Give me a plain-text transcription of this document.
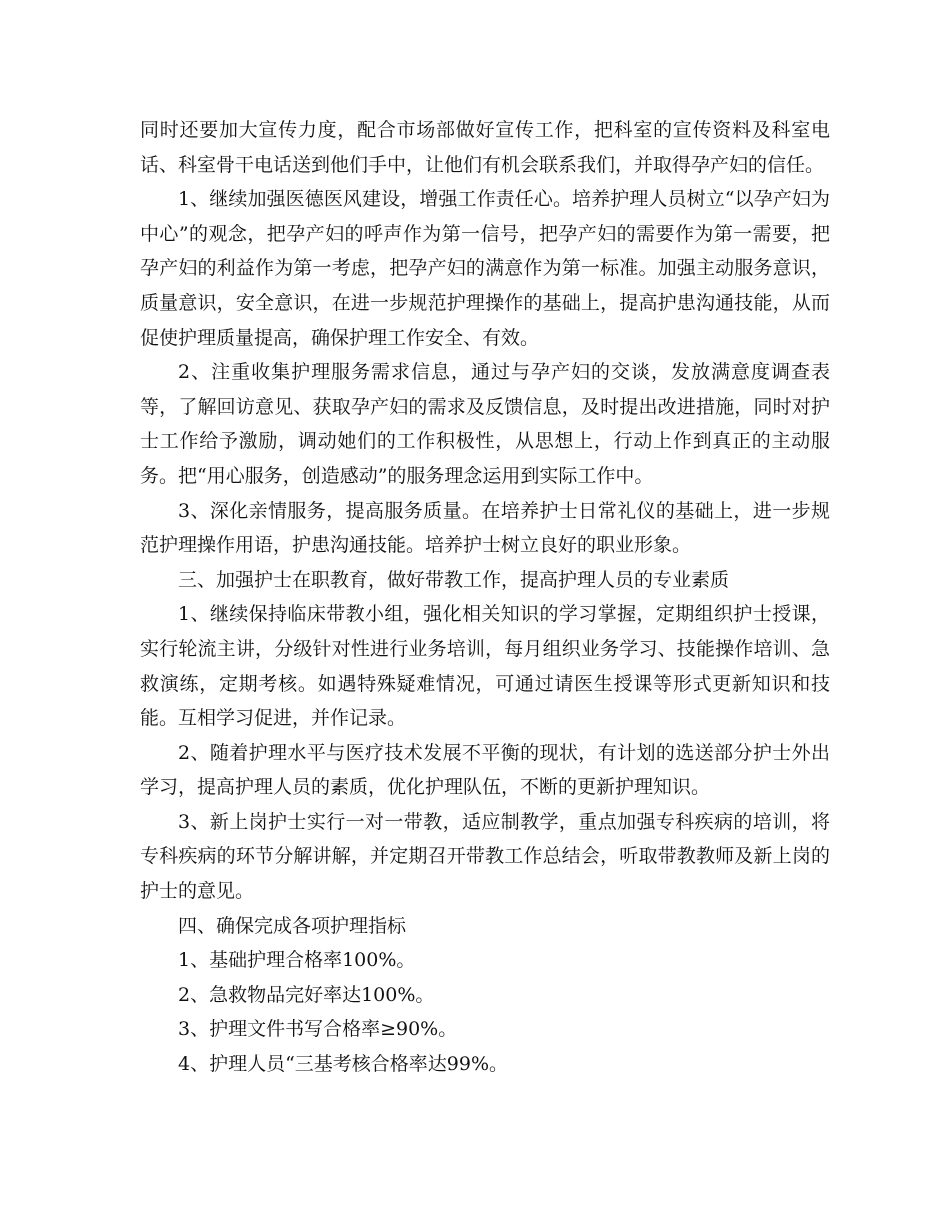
同时还要加大宣传力度，配合市场部做好宣传工作，把科室的宣传资料及科室电话、科室骨干电话送到他们手中，让他们有机会联系我们，并取得孕产妇的信任。

1、继续加强医德医风建设，增强工作责任心。培养护理人员树立“以孕产妇为中心”的观念，把孕产妇的呼声作为第一信号，把孕产妇的需要作为第一需要，把孕产妇的利益作为第一考虑，把孕产妇的满意作为第一标准。加强主动服务意识，质量意识，安全意识，在进一步规范护理操作的基础上，提高护患沟通技能，从而促使护理质量提高，确保护理工作安全、有效。

2、注重收集护理服务需求信息，通过与孕产妇的交谈，发放满意度调查表等，了解回访意见、获取孕产妇的需求及反馈信息，及时提出改进措施，同时对护士工作给予激励，调动她们的工作积极性，从思想上，行动上作到真正的主动服务。把“用心服务，创造感动”的服务理念运用到实际工作中。

3、深化亲情服务，提高服务质量。在培养护士日常礼仪的基础上，进一步规范护理操作用语，护患沟通技能。培养护士树立良好的职业形象。

三、加强护士在职教育，做好带教工作，提高护理人员的专业素质

1、继续保持临床带教小组，强化相关知识的学习掌握，定期组织护士授课，实行轮流主讲，分级针对性进行业务培训，每月组织业务学习、技能操作培训、急救演练，定期考核。如遇特殊疑难情况，可通过请医生授课等形式更新知识和技能。互相学习促进，并作记录。

2、随着护理水平与医疗技术发展不平衡的现状，有计划的选送部分护士外出学习，提高护理人员的素质，优化护理队伍，不断的更新护理知识。

3、新上岗护士实行一对一带教，适应制教学，重点加强专科疾病的培训，将专科疾病的环节分解讲解，并定期召开带教工作总结会，听取带教教师及新上岗的护士的意见。

四、确保完成各项护理指标

1、基础护理合格率100%。

2、急救物品完好率达100%。

3、护理文件书写合格率≥90%。

4、护理人员“三基考核合格率达99%。
